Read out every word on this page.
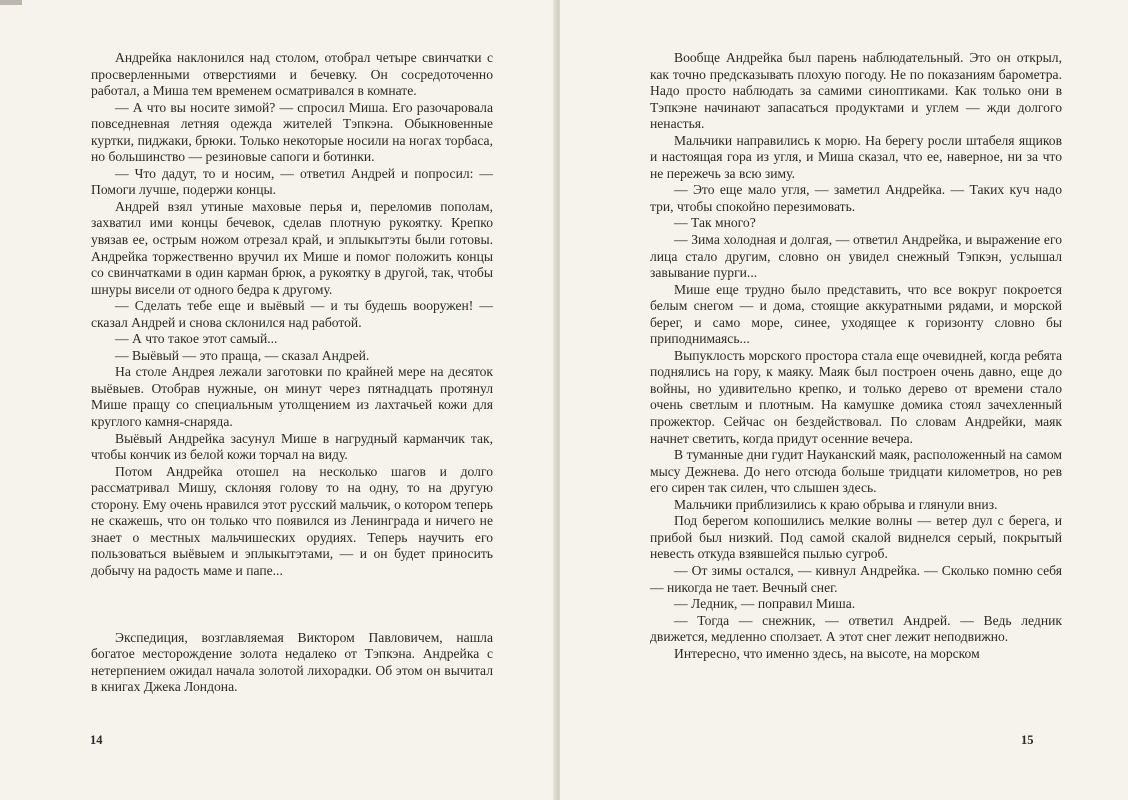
Андрейка наклонился над столом, отобрал четыре свинчатки с просверленными отверстиями и бечевку. Он сосредоточенно работал, а Миша тем временем осматривался в комнате.

— А что вы носите зимой? — спросил Миша. Его разочаровала повседневная летняя одежда жителей Тэпкэна. Обыкновенные куртки, пиджаки, брюки. Только некоторые носили на ногах торбаса, но большинство — резиновые сапоги и ботинки.

— Что дадут, то и носим, — ответил Андрей и попросил: — Помоги лучше, подержи концы.

Андрей взял утиные маховые перья и, переломив пополам, захватил ими концы бечевок, сделав плотную рукоятку. Крепко увязав ее, острым ножом отрезал край, и эплыкытэты были готовы. Андрейка торжественно вручил их Мише и помог положить концы со свинчатками в один карман брюк, а рукоятку в другой, так, чтобы шнуры висели от одного бедра к другому.

— Сделать тебе еще и выёвый — и ты будешь вооружен! — сказал Андрей и снова склонился над работой.

— А что такое этот самый...

— Выёвый — это праща, — сказал Андрей.

На столе Андрея лежали заготовки по крайней мере на десяток выёвыев. Отобрав нужные, он минут через пятнадцать протянул Мише пращу со специальным утолщением из лахтачьей кожи для круглого камня-снаряда.

Выёвый Андрейка засунул Мише в нагрудный карманчик так, чтобы кончик из белой кожи торчал на виду.

Потом Андрейка отошел на несколько шагов и долго рассматривал Мишу, склоняя голову то на одну, то на другую сторону. Ему очень нравился этот русский мальчик, о котором теперь не скажешь, что он только что появился из Ленинграда и ничего не знает о местных мальчишеских орудиях. Теперь научить его пользоваться выёвыем и эплыкытэтами, — и он будет приносить добычу на радость маме и папе...

Экспедиция, возглавляемая Виктором Павловичем, нашла богатое месторождение золота недалеко от Тэпкэна. Андрейка с нетерпением ожидал начала золотой лихорадки. Об этом он вычитал в книгах Джека Лондона.

14

Вообще Андрейка был парень наблюдательный. Это он открыл, как точно предсказывать плохую погоду. Не по показаниям барометра. Надо просто наблюдать за самими синоптиками. Как только они в Тэпкэне начинают запасаться продуктами и углем — жди долгого ненастья.

Мальчики направились к морю. На берегу росли штабеля ящиков и настоящая гора из угля, и Миша сказал, что ее, наверное, ни за что не пережечь за всю зиму.

— Это еще мало угля, — заметил Андрейка. — Таких куч надо три, чтобы спокойно перезимовать.

— Так много?

— Зима холодная и долгая, — ответил Андрейка, и выражение его лица стало другим, словно он увидел снежный Тэпкэн, услышал завывание пурги...

Мише еще трудно было представить, что все вокруг покроется белым снегом — и дома, стоящие аккуратными рядами, и морской берег, и само море, синее, уходящее к горизонту словно бы приподнимаясь...

Выпуклость морского простора стала еще очевидней, когда ребята поднялись на гору, к маяку. Маяк был построен очень давно, еще до войны, но удивительно крепко, и только дерево от времени стало очень светлым и плотным. На камушке домика стоял зачехленный прожектор. Сейчас он бездействовал. По словам Андрейки, маяк начнет светить, когда придут осенние вечера.

В туманные дни гудит Науканский маяк, расположенный на самом мысу Дежнева. До него отсюда больше тридцати километров, но рев его сирен так силен, что слышен здесь.

Мальчики приблизились к краю обрыва и глянули вниз.

Под берегом копошились мелкие волны — ветер дул с берега, и прибой был низкий. Под самой скалой виднелся серый, покрытый невесть откуда взявшейся пылью сугроб.

— От зимы остался, — кивнул Андрейка. — Сколько помню себя — никогда не тает. Вечный снег.

— Ледник, — поправил Миша.

— Тогда — снежник, — ответил Андрей. — Ведь ледник движется, медленно сползает. А этот снег лежит неподвижно.

Интересно, что именно здесь, на высоте, на морском

15
